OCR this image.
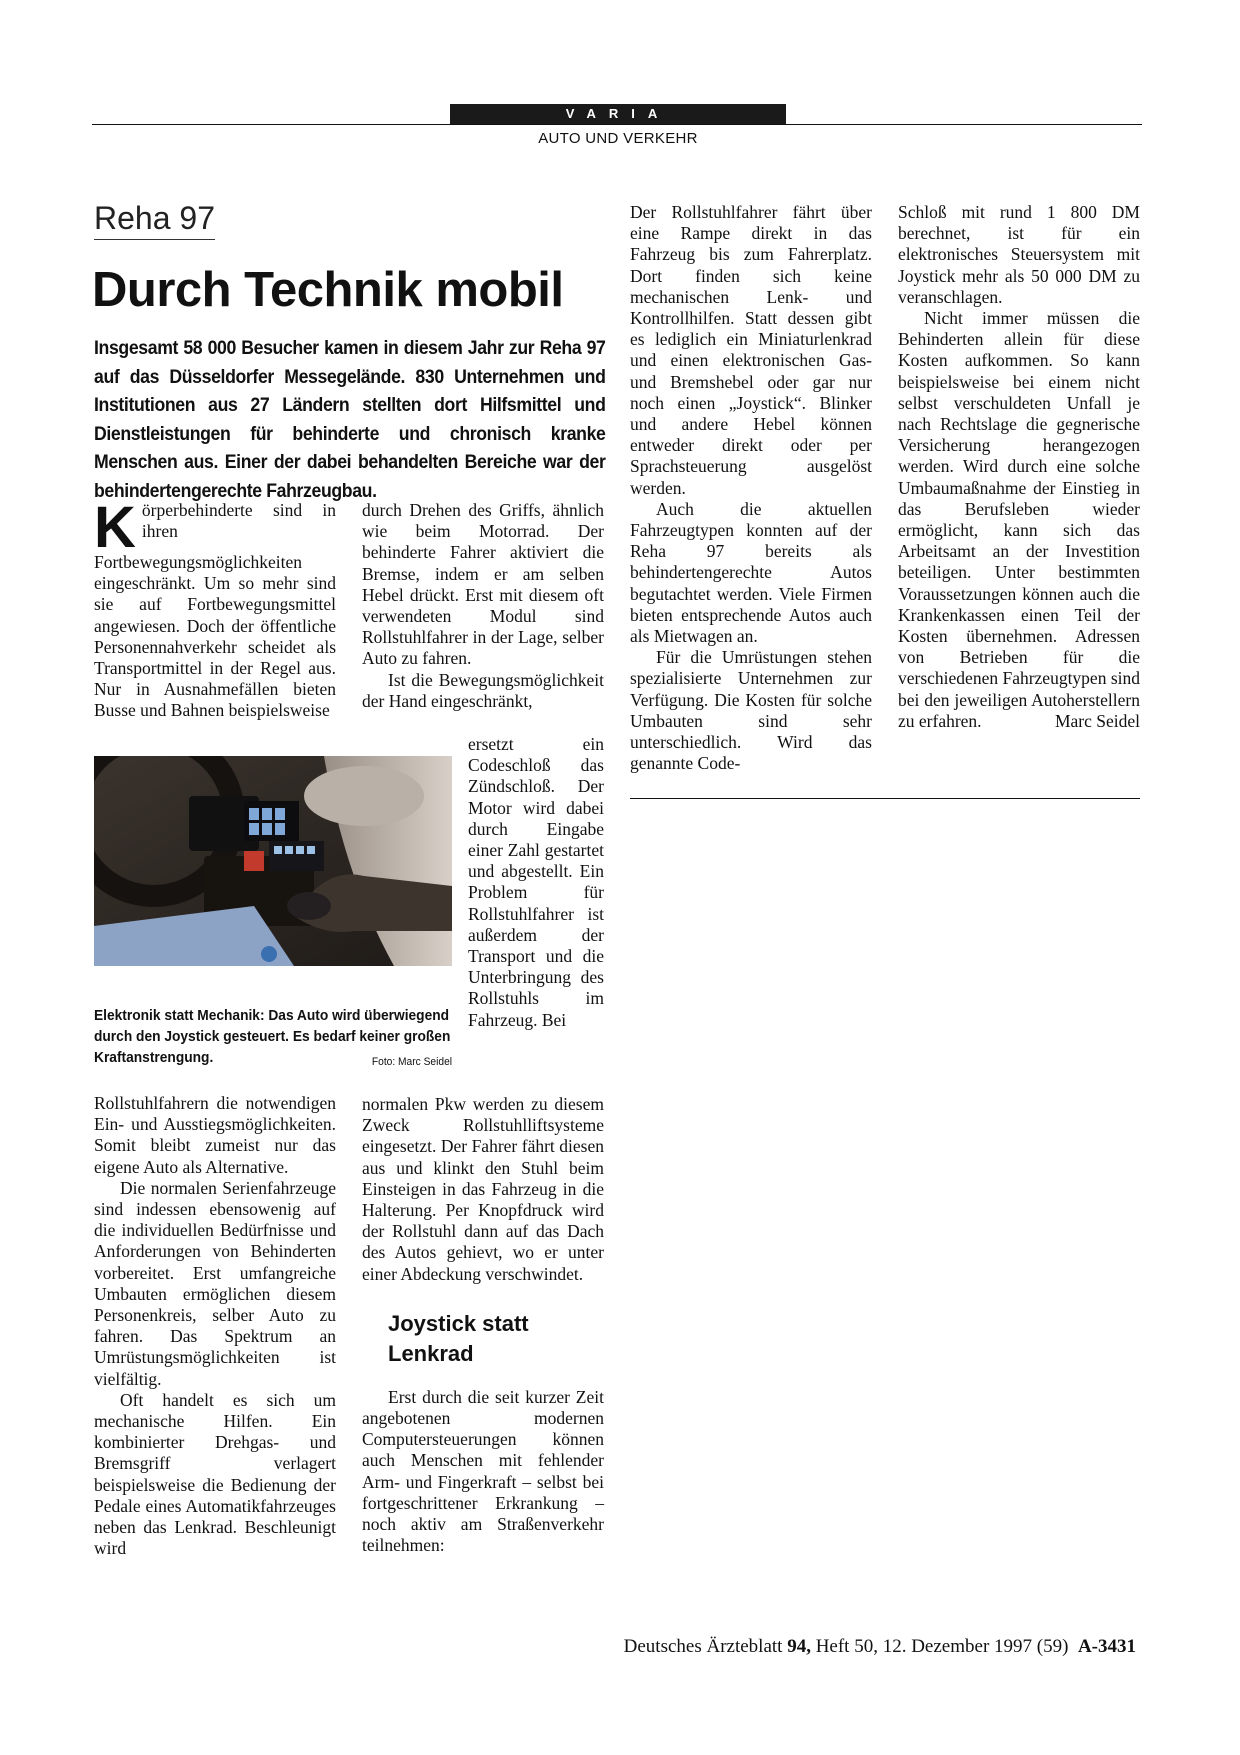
VARIA
AUTO UND VERKEHR
Reha 97
Durch Technik mobil
Insgesamt 58 000 Besucher kamen in diesem Jahr zur Reha 97 auf das Düsseldorfer Messegelände. 830 Unternehmen und Institutionen aus 27 Ländern stellten dort Hilfsmittel und Dienstleistungen für behinderte und chronisch kranke Menschen aus. Einer der dabei behandelten Bereiche war der behindertengerechte Fahrzeugbau.
K örperbehinderte sind in ihren Fortbewegungsmöglichkeiten eingeschränkt. Um so mehr sind sie auf Fortbewegungsmittel angewiesen. Doch der öffentliche Personennahverkehr scheidet als Transportmittel in der Regel aus. Nur in Ausnahmefällen bieten Busse und Bahnen beispielsweise

Elektronik statt Mechanik: Das Auto wird überwiegend durch den Joystick gesteuert. Es bedarf keiner großen Kraftanstrengung.	Foto: Marc Seidel

Rollstuhlfahrern die notwendigen Ein- und Ausstiegsmöglichkeiten. Somit bleibt zumeist nur das eigene Auto als Alternative.

Die normalen Serienfahrzeuge sind indessen ebensowenig auf die individuellen Bedürfnisse und Anforderungen von Behinderten vorbereitet. Erst umfangreiche Umbauten ermöglichen diesem Personenkreis, selber Auto zu fahren. Das Spektrum an Umrüstungsmöglichkeiten ist vielfältig.

Oft handelt es sich um mechanische Hilfen. Ein kombinierter Drehgas- und Bremsgriff verlagert beispielsweise die Bedienung der Pedale eines Automatikfahrzeuges neben das Lenkrad. Beschleunigt wird

durch Drehen des Griffs, ähnlich wie beim Motorrad. Der behinderte Fahrer aktiviert die Bremse, indem er am selben Hebel drückt. Erst mit diesem oft verwendeten Modul sind Rollstuhlfahrer in der Lage, selber Auto zu fahren.

Ist die Bewegungsmöglichkeit der Hand eingeschränkt,

ersetzt ein Codeschloß das Zündschloß. Der Motor wird dabei durch Eingabe einer Zahl gestartet und abgestellt. Ein Problem für Rollstuhlfahrer ist außerdem der Transport und die Unterbringung des Rollstuhls im Fahrzeug. Bei

normalen Pkw werden zu diesem Zweck Rollstuhlliftsysteme eingesetzt. Der Fahrer fährt diesen aus und klinkt den Stuhl beim Einsteigen in das Fahrzeug in die Halterung. Per Knopfdruck wird der Rollstuhl dann auf das Dach des Autos gehievt, wo er unter einer Abdeckung verschwindet.

Joystick statt Lenkrad

Erst durch die seit kurzer Zeit angebotenen modernen Computersteuerungen können auch Menschen mit fehlender Arm- und Fingerkraft – selbst bei fortgeschrittener Erkrankung – noch aktiv am Straßenverkehr teilnehmen:

Der Rollstuhlfahrer fährt über eine Rampe direkt in das Fahrzeug bis zum Fahrerplatz. Dort finden sich keine mechanischen Lenk- und Kontrollhilfen. Statt dessen gibt es lediglich ein Miniaturlenkrad und einen elektronischen Gas- und Bremshebel oder gar nur noch einen „Joystick“. Blinker und andere Hebel können entweder direkt oder per Sprachsteuerung ausgelöst werden.

Auch die aktuellen Fahrzeugtypen konnten auf der Reha 97 bereits als behindertengerechte Autos begutachtet werden. Viele Firmen bieten entsprechende Autos auch als Mietwagen an.

Für die Umrüstungen stehen spezialisierte Unternehmen zur Verfügung. Die Kosten für solche Umbauten sind sehr unterschiedlich. Wird das genannte Code-

Schloß mit rund 1 800 DM berechnet, ist für ein elektronisches Steuersystem mit Joystick mehr als 50 000 DM zu veranschlagen.

Nicht immer müssen die Behinderten allein für diese Kosten aufkommen. So kann beispielsweise bei einem nicht selbst verschuldeten Unfall je nach Rechtslage die gegnerische Versicherung herangezogen werden. Wird durch eine solche Umbaumaßnahme der Einstieg in das Berufsleben wieder ermöglicht, kann sich das Arbeitsamt an der Investition beteiligen. Unter bestimmten Voraussetzungen können auch die Krankenkassen einen Teil der Kosten übernehmen. Adressen von Betrieben für die verschiedenen Fahrzeugtypen sind bei den jeweiligen Autoherstellern zu erfahren.	Marc Seidel

Deutsches Ärzteblatt 94, Heft 50, 12. Dezember 1997 (59) A-3431
